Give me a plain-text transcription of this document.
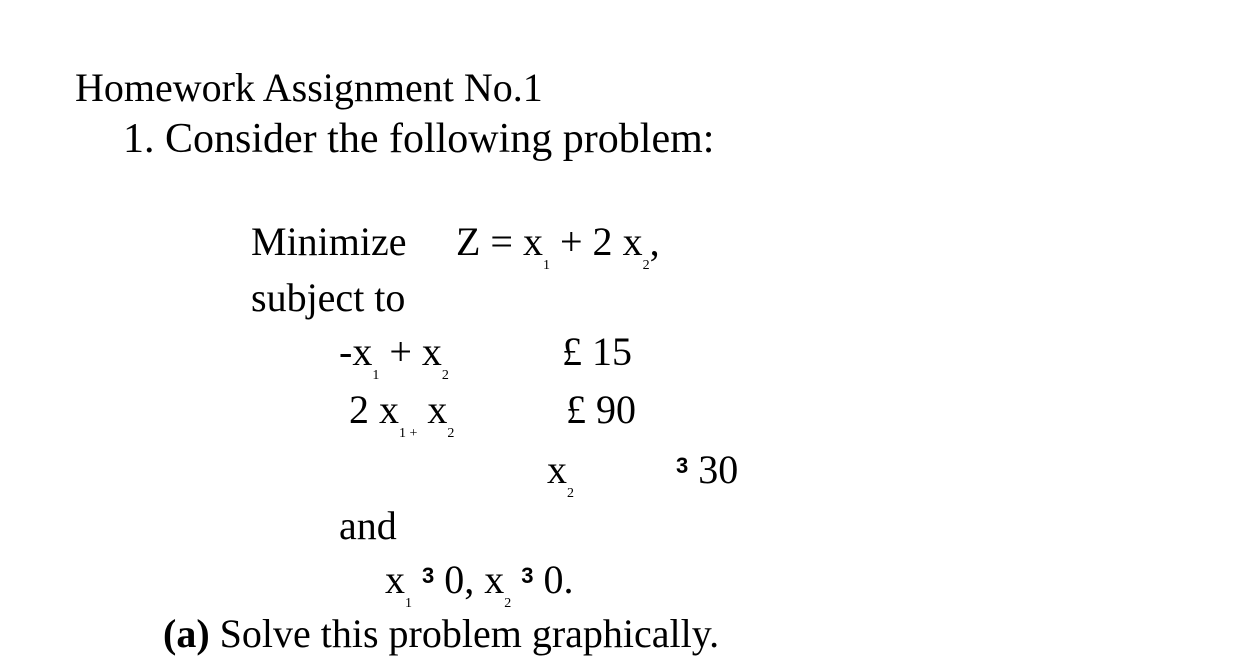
Homework Assignment No.1
1. Consider the following problem:
Minimize $Z = x_1 + 2$ $x_2$,
subject to
$-x_1 + x_2$
£ 15
2 $x_{1 +}$ $x_2$
£ 90
$x_2$
$^3$ 30
and
$x_1$ $^3$ 0, $x_2$ $^3$ 0.
(a) Solve this problem graphically.
